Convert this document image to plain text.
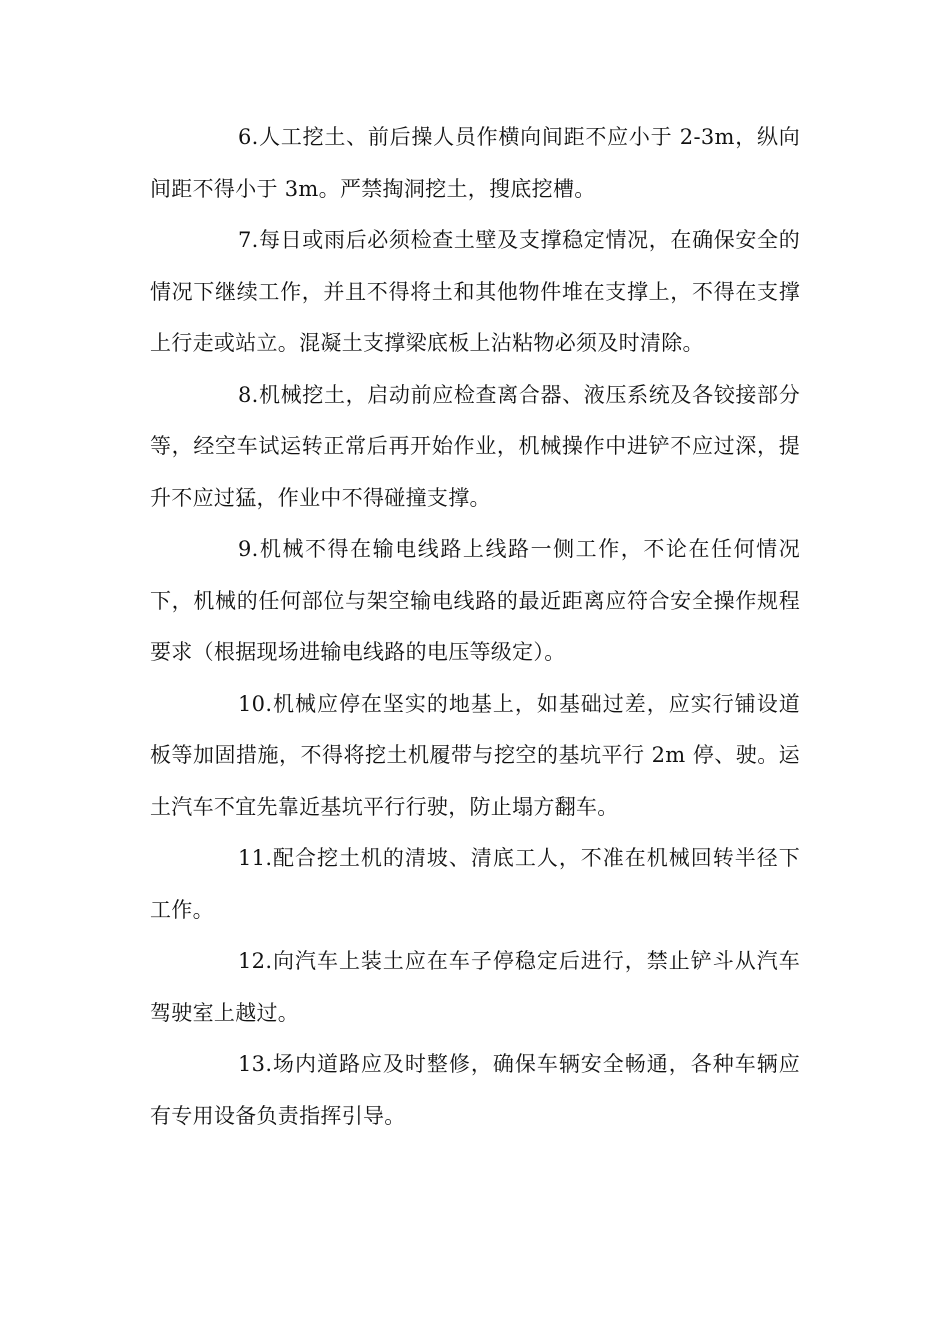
6.人工挖土、前后操人员作横向间距不应小于 2-3m，纵向间距不得小于 3m。严禁掏洞挖土，搜底挖槽。

7.每日或雨后必须检查土壁及支撑稳定情况，在确保安全的情况下继续工作，并且不得将土和其他物件堆在支撑上，不得在支撑上行走或站立。混凝土支撑梁底板上沾粘物必须及时清除。

8.机械挖土，启动前应检查离合器、液压系统及各铰接部分等，经空车试运转正常后再开始作业，机械操作中进铲不应过深，提升不应过猛，作业中不得碰撞支撑。

9.机械不得在输电线路上线路一侧工作，不论在任何情况下，机械的任何部位与架空输电线路的最近距离应符合安全操作规程要求（根据现场进输电线路的电压等级定）。

10.机械应停在坚实的地基上，如基础过差，应实行铺设道板等加固措施，不得将挖土机履带与挖空的基坑平行 2m 停、驶。运土汽车不宜先靠近基坑平行行驶，防止塌方翻车。

11.配合挖土机的清坡、清底工人，不准在机械回转半径下工作。

12.向汽车上装土应在车子停稳定后进行，禁止铲斗从汽车驾驶室上越过。

13.场内道路应及时整修，确保车辆安全畅通，各种车辆应有专用设备负责指挥引导。
